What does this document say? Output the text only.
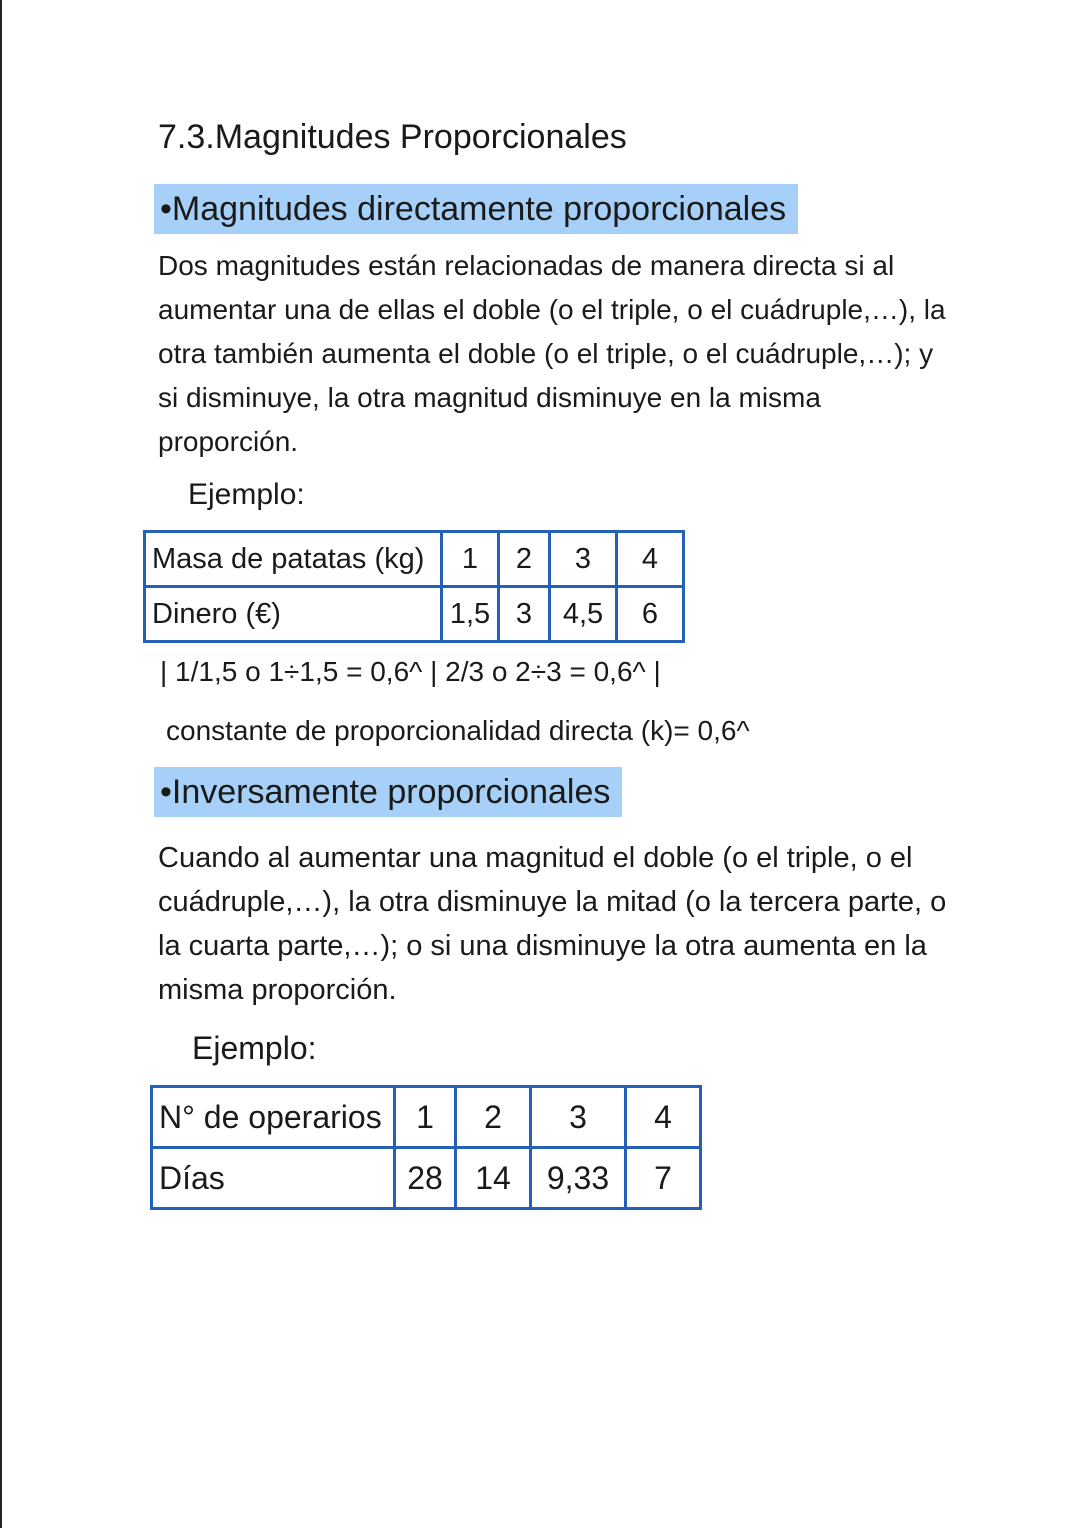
7.3.Magnitudes Proporcionales
•Magnitudes directamente proporcionales
Dos magnitudes están relacionadas de manera directa si al aumentar una de ellas el doble (o el triple, o el cuádruple,…), la otra también aumenta el doble (o el triple, o el cuádruple,…); y si disminuye, la otra magnitud disminuye en la misma proporción.
Ejemplo:
Masa de patatas (kg)	1	2	3	4
Dinero (€)	1,5	3	4,5	6
| 1/1,5 o 1÷1,5 = 0,6^ | 2/3 o 2÷3 = 0,6^ |
constante de proporcionalidad directa (k)= 0,6^
•Inversamente proporcionales
Cuando al aumentar una magnitud el doble (o el triple, o el cuádruple,…), la otra disminuye la mitad (o la tercera parte, o la cuarta parte,…); o si una disminuye la otra aumenta en la misma proporción.
Ejemplo:
N° de operarios	1	2	3	4
Días	28	14	9,33	7
